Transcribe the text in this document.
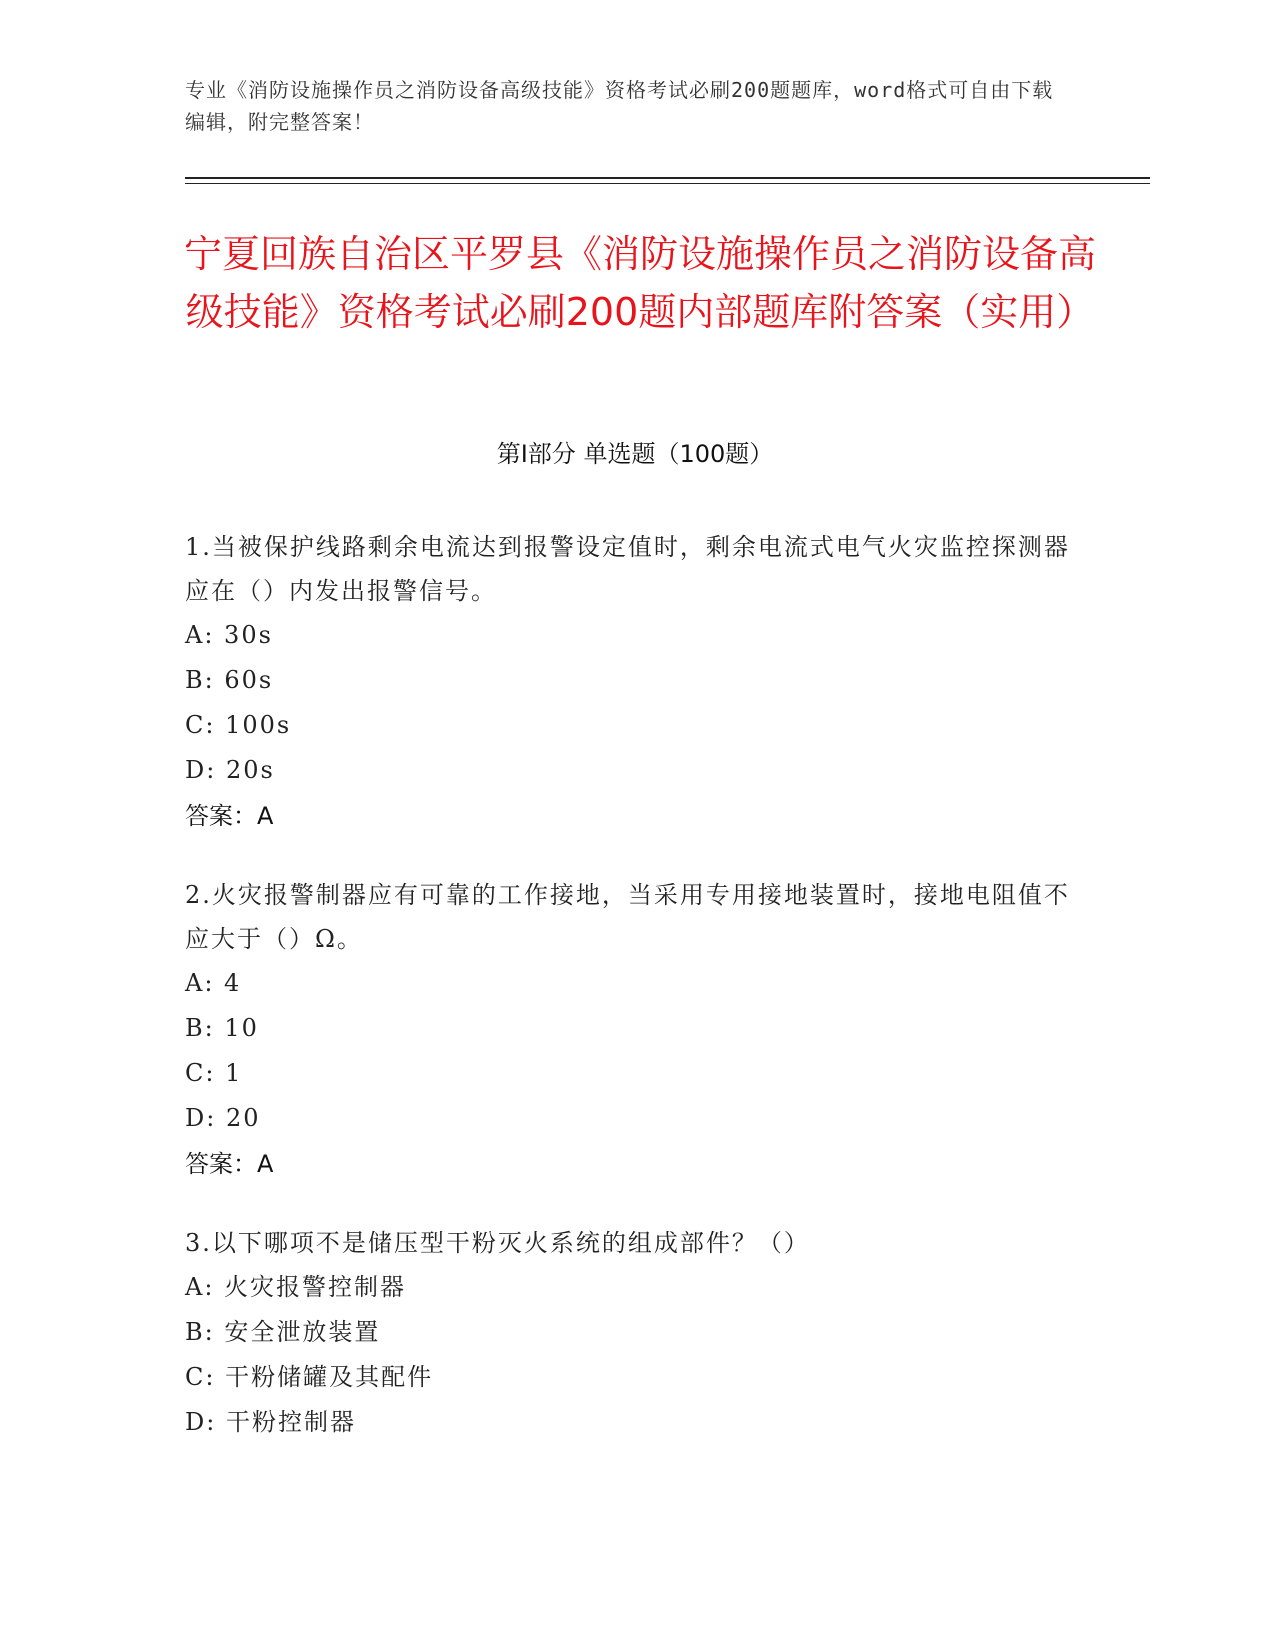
专业《消防设施操作员之消防设备高级技能》资格考试必刷200题题库，word格式可自由下载编辑，附完整答案！
宁夏回族自治区平罗县《消防设施操作员之消防设备高级技能》资格考试必刷200题内部题库附答案（实用）
第I部分 单选题（100题）

1.当被保护线路剩余电流达到报警设定值时，剩余电流式电气火灾监控探测器应在（）内发出报警信号。

A: 30s

B: 60s

C: 100s

D: 20s

答案：A

2.火灾报警制器应有可靠的工作接地，当采用专用接地装置时，接地电阻值不应大于（）Ω。

A: 4

B: 10

C: 1

D: 20

答案：A

3.以下哪项不是储压型干粉灭火系统的组成部件？（）

A: 火灾报警控制器

B: 安全泄放装置

C: 干粉储罐及其配件

D: 干粉控制器
